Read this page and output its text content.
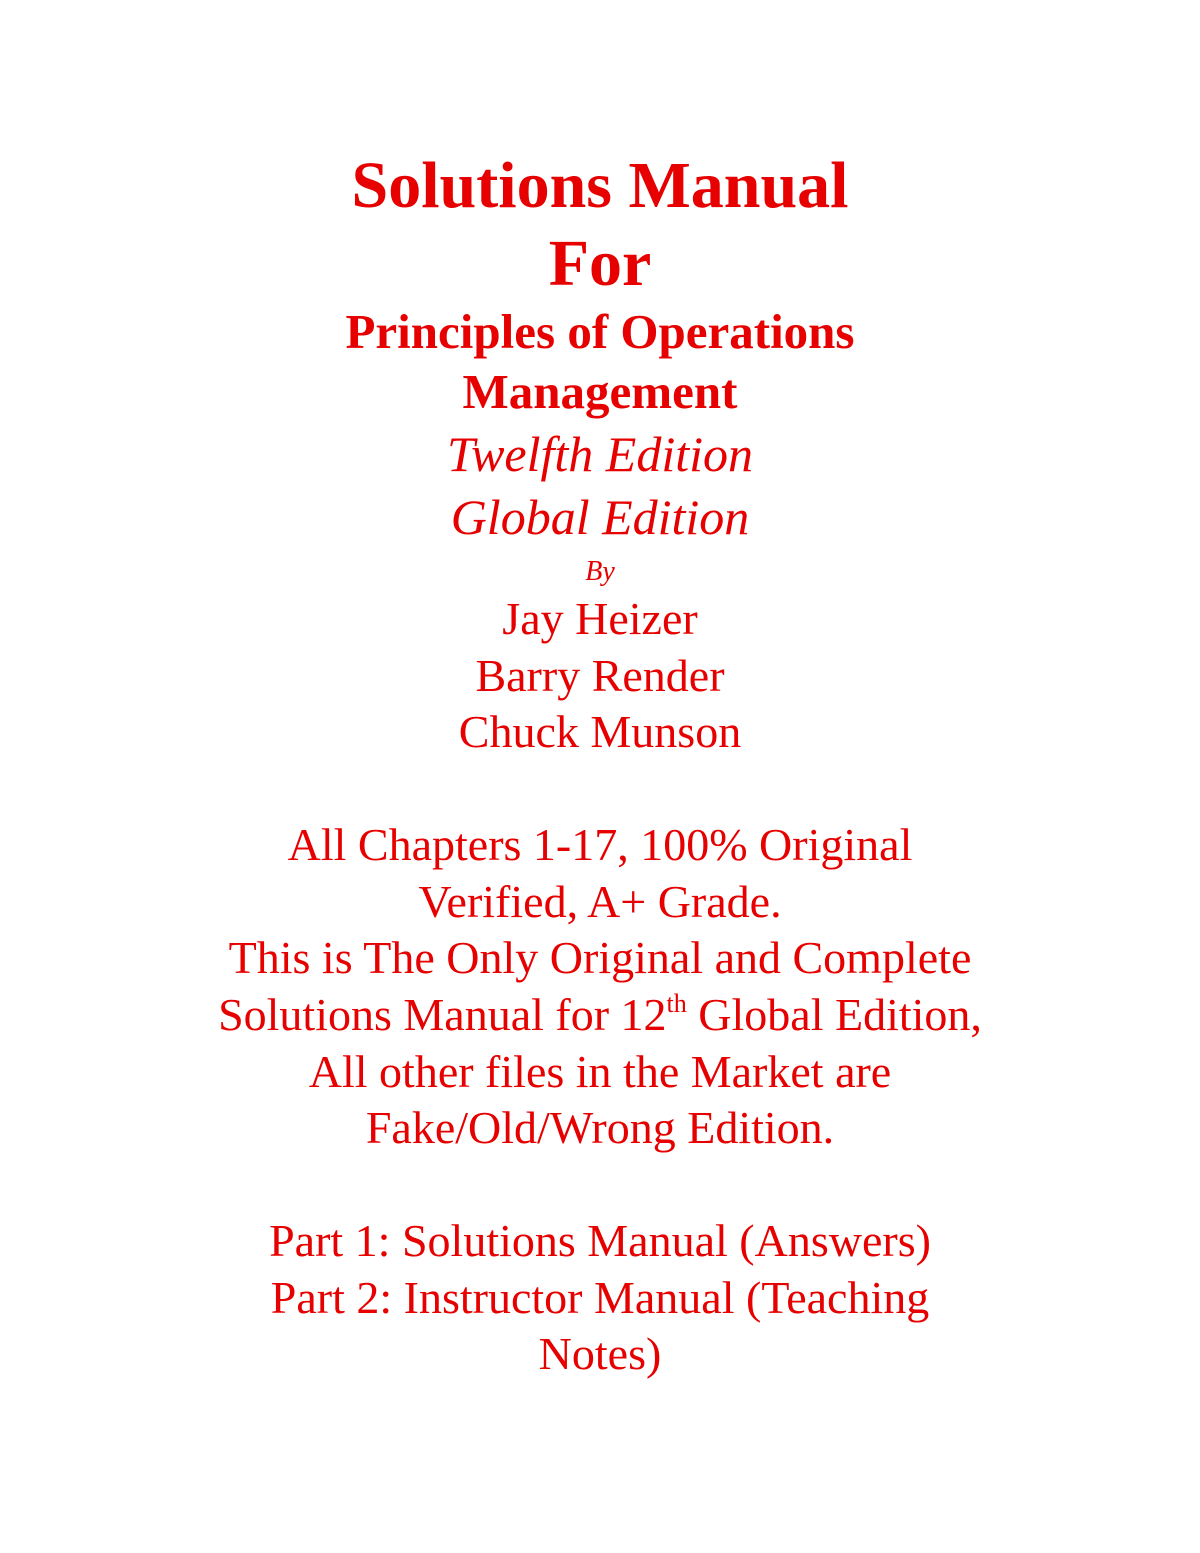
Solutions Manual
For
Principles of Operations
Management
Twelfth Edition
Global Edition
By
Jay Heizer
Barry Render
Chuck Munson
All Chapters 1-17, 100% Original
Verified, A+ Grade.
This is The Only Original and Complete
Solutions Manual for 12th Global Edition,
All other files in the Market are
Fake/Old/Wrong Edition.
Part 1: Solutions Manual (Answers)
Part 2: Instructor Manual (Teaching
Notes)
